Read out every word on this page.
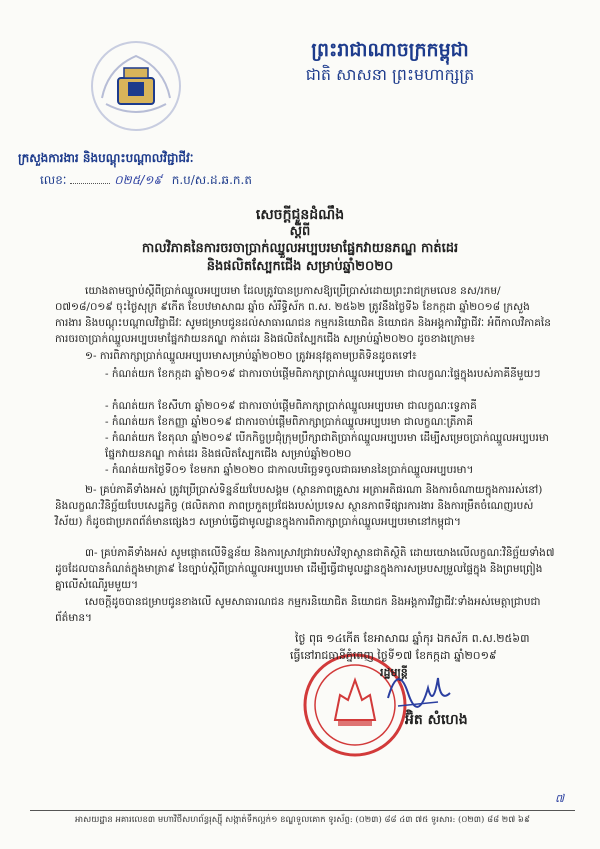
ព្រះរាជាណាចក្រកម្ពុជា
ជាតិ សាសនា ព្រះមហាក្សត្រ
ក្រសួងការងារ និងបណ្តុះបណ្តាលវិជ្ជាជីវៈ
លេខៈ	០២៥/១៩ ក.ប/ស.ដ.ឆ.ក.ត
សេចក្តីជូនដំណឹង
ស្តីពី
កាលវិភាគនៃការចរចាប្រាក់ឈ្នួលអប្បបរមាផ្នែកវាយនភណ្ឌ កាត់ដេរ
និងផលិតស្បែកជើង សម្រាប់ឆ្នាំ២០២០
យោងតាមច្បាប់ស្តីពីប្រាក់ឈ្នួលអប្បបរមា ដែលត្រូវបានប្រកាសឱ្យប្រើប្រាស់ដោយព្រះរាជក្រមលេខ នស/រកម/០៧១៨/០១៩ ចុះថ្ងៃសុក្រ ៩កើត ខែបឋមាសាឍ ឆ្នាំច សំរឹទ្ធិស័ក ព.ស. ២៥៦២ ត្រូវនឹងថ្ងៃទី៦ ខែកក្កដា ឆ្នាំ២០១៨ ក្រសួងការងារ និងបណ្តុះបណ្តាលវិជ្ជាជីវៈ សូមជម្រាបជូនដល់សាធារណជន កម្មករនិយោជិត និយោជក និងអង្គការវិជ្ជាជីវៈ អំពីកាលវិភាគនៃការចរចាប្រាក់ឈ្នួលអប្បបរមាផ្នែកវាយនភណ្ឌ កាត់ដេរ និងផលិតស្បែកជើង សម្រាប់ឆ្នាំ២០២០ ដូចខាងក្រោម៖
១- ការពិភាក្សាប្រាក់ឈ្នួលអប្បបរមាសម្រាប់ឆ្នាំ២០២០ ត្រូវអនុវត្តតាមប្រតិទិនដូចតទៅ៖
- កំណត់យក ខែកក្កដា ឆ្នាំ២០១៩ ជាការចាប់ផ្តើមពិភាក្សាប្រាក់ឈ្នួលអប្បបរមា ជាលក្ខណៈផ្ទៃក្នុងរបស់ភាគីនីមួយៗ
- កំណត់យក ខែសីហា ឆ្នាំ២០១៩ ជាការចាប់ផ្តើមពិភាក្សាប្រាក់ឈ្នួលអប្បបរមា ជាលក្ខណៈទ្វេភាគី
- កំណត់យក ខែកញ្ញា ឆ្នាំ២០១៩ ជាការចាប់ផ្តើមពិភាក្សាប្រាក់ឈ្នួលអប្បបរមា ជាលក្ខណៈត្រីភាគី
- កំណត់យក ខែតុលា ឆ្នាំ២០១៩ បើកកិច្ចប្រជុំក្រុមប្រឹក្សាជាតិប្រាក់ឈ្នួលអប្បបរមា ដើម្បីសម្រេចប្រាក់ឈ្នួលអប្បបរមាផ្នែកវាយនភណ្ឌ កាត់ដេរ និងផលិតស្បែកជើង សម្រាប់ឆ្នាំ២០២០
- កំណត់យកថ្ងៃទី០១ ខែមករា ឆ្នាំ២០២០ ជាកាលបរិច្ឆេទចូលជាធរមាននៃប្រាក់ឈ្នួលអប្បបរមា។
២- គ្រប់ភាគីទាំងអស់ ត្រូវប្រើប្រាស់ទិន្នន័យបែបសង្គម (ស្ថានភាពគ្រួសារ អត្រាអតិផរណា និងការចំណាយក្នុងការរស់នៅ) និងលក្ខណៈវិនិច្ឆ័យបែបសេដ្ឋកិច្ច (ផលិតភាព ភាពប្រកួតប្រជែងរបស់ប្រទេស ស្ថានភាពទីផ្សារការងារ និងការម្រឹតចំណេញរបស់វិស័យ) ក៏ដូចជាប្រភពព័ត៌មានផ្សេងៗ សម្រាប់ធ្វើជាមូលដ្ឋានក្នុងការពិភាក្សាប្រាក់ឈ្នួលអប្បបរមានៅកម្ពុជា។
៣- គ្រប់ភាគីទាំងអស់ សូមផ្តោតលើទិន្នន័យ និងការស្រាវជ្រាវរបស់វិទ្យាស្ថានជាតិស្ថិតិ ដោយយោងលើលក្ខណៈវិនិច្ឆ័យទាំង៧ ដូចដែលបានកំណត់ក្នុងមាត្រា៩ នៃច្បាប់ស្តីពីប្រាក់ឈ្នួលអប្បបរមា ដើម្បីធ្វើជាមូលដ្ឋានក្នុងការសម្របសម្រួលផ្ទៃក្នុង និងព្រមព្រៀងគ្នាលើសំណើរួមមួយ។
សេចក្តីដូចបានជម្រាបជូនខាងលើ សូមសាធារណជន កម្មករនិយោជិត និយោជក និងអង្គការវិជ្ជាជីវៈទាំងអស់មេត្តាជ្រាបជាព័ត៌មាន។
ថ្ងៃ ពុធ ១៤កើត ខែអាសាឍ ឆ្នាំកុរ ឯកស័ក ព.ស.២៥៦៣
ធ្វើនៅរាជធានីភ្នំពេញ ថ្ងៃទី១៧ ខែកក្កដា ឆ្នាំ២០១៩
រដ្ឋមន្ត្រី
អ៊ិត សំហេង
៧
អាសយដ្ឋាន អគារលេខ៣ មហាវិថីសហព័ន្ធរុស្ស៊ី សង្កាត់ទឹកល្អក់១ ខណ្ឌទួលគោក ទូរស័ព្ទ: (០២៣) ៨៨ ៤៣ ៧៥ ទូរសារ: (០២៣) ៨៨ ២៧ ៦៩
